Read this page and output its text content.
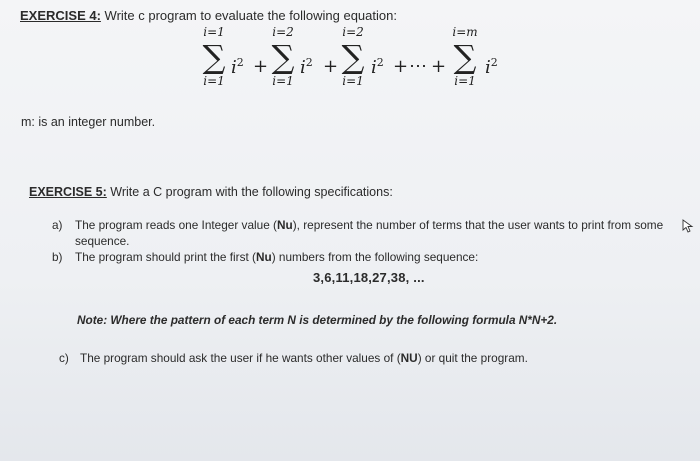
EXERCISE 4: Write c program to evaluate the following equation:
i=1
∑
i=1
$i^2$ +
i=2
∑
i=1
$i^2$ +
i=2
∑
i=1
$i^2$ + ⋯ +
i=m
∑
i=1
$i^2$
m: is an integer number.
EXERCISE 5: Write a C program with the following specifications:
a) The program reads one Integer value (Nu), represent the number of terms that the user wants to print from some
sequence.
b) The program should print the first (Nu) numbers from the following sequence:
3,6,11,18,27,38, ...
Note: Where the pattern of each term N is determined by the following formula N*N+2.
c) The program should ask the user if he wants other values of (NU) or quit the program.
